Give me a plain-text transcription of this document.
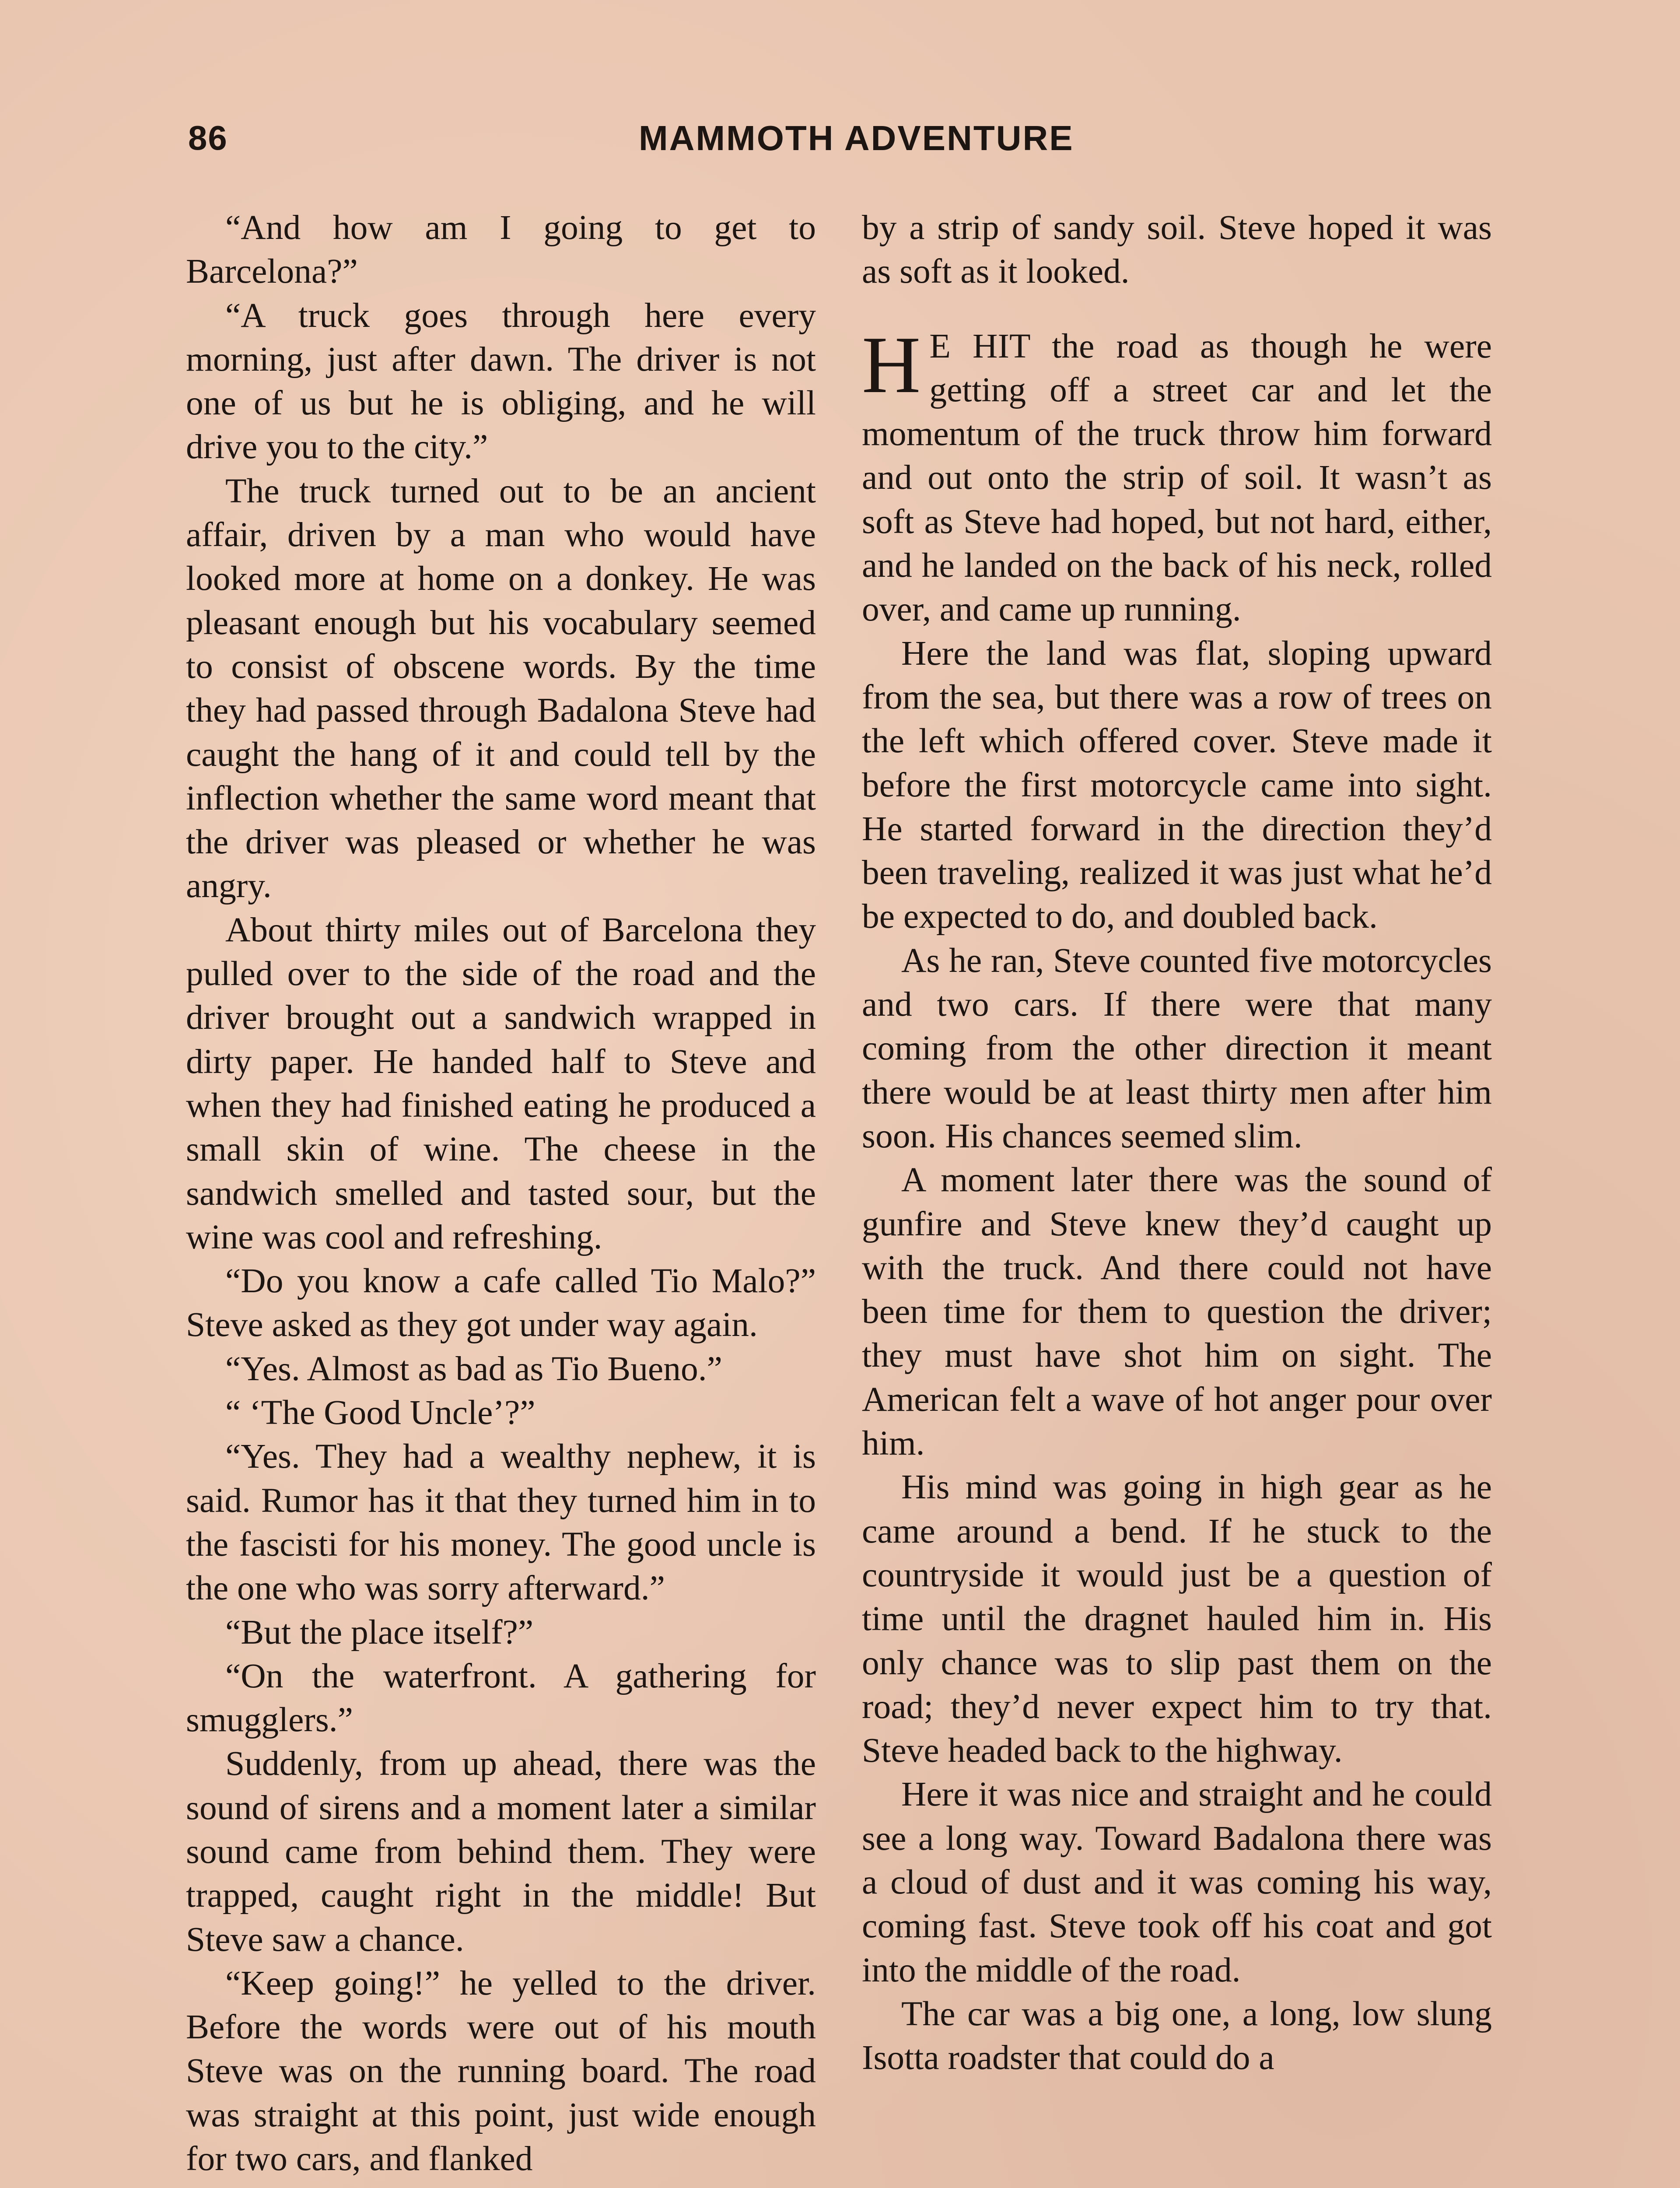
86	MAMMOTH ADVENTURE

“And how am I going to get to Barcelona?”

“A truck goes through here every morning, just after dawn. The driver is not one of us but he is obliging, and he will drive you to the city.”

The truck turned out to be an ancient affair, driven by a man who would have looked more at home on a donkey. He was pleasant enough but his vocabulary seemed to consist of obscene words. By the time they had passed through Badalona Steve had caught the hang of it and could tell by the inflection whether the same word meant that the driver was pleased or whether he was angry.

About thirty miles out of Barcelona they pulled over to the side of the road and the driver brought out a sandwich wrapped in dirty paper. He handed half to Steve and when they had finished eating he produced a small skin of wine. The cheese in the sandwich smelled and tasted sour, but the wine was cool and refreshing.

“Do you know a cafe called Tio Malo?” Steve asked as they got under way again.

“Yes. Almost as bad as Tio Bueno.”

“ ‘The Good Uncle’?”

“Yes. They had a wealthy nephew, it is said. Rumor has it that they turned him in to the fascisti for his money. The good uncle is the one who was sorry afterward.”

“But the place itself?”

“On the waterfront. A gathering for smugglers.”

Suddenly, from up ahead, there was the sound of sirens and a moment later a similar sound came from behind them. They were trapped, caught right in the middle! But Steve saw a chance.

“Keep going!” he yelled to the driver. Before the words were out of his mouth Steve was on the running board. The road was straight at this point, just wide enough for two cars, and flanked

by a strip of sandy soil. Steve hoped it was as soft as it looked.

H E HIT the road as though he were getting off a street car and let the momentum of the truck throw him forward and out onto the strip of soil. It wasn’t as soft as Steve had hoped, but not hard, either, and he landed on the back of his neck, rolled over, and came up running.

Here the land was flat, sloping upward from the sea, but there was a row of trees on the left which offered cover. Steve made it before the first motorcycle came into sight. He started forward in the direction they’d been traveling, realized it was just what he’d be expected to do, and doubled back.

As he ran, Steve counted five motorcycles and two cars. If there were that many coming from the other direction it meant there would be at least thirty men after him soon. His chances seemed slim.

A moment later there was the sound of gunfire and Steve knew they’d caught up with the truck. And there could not have been time for them to question the driver; they must have shot him on sight. The American felt a wave of hot anger pour over him.

His mind was going in high gear as he came around a bend. If he stuck to the countryside it would just be a question of time until the dragnet hauled him in. His only chance was to slip past them on the road; they’d never expect him to try that. Steve headed back to the highway.

Here it was nice and straight and he could see a long way. Toward Badalona there was a cloud of dust and it was coming his way, coming fast. Steve took off his coat and got into the middle of the road.

The car was a big one, a long, low slung Isotta roadster that could do a
